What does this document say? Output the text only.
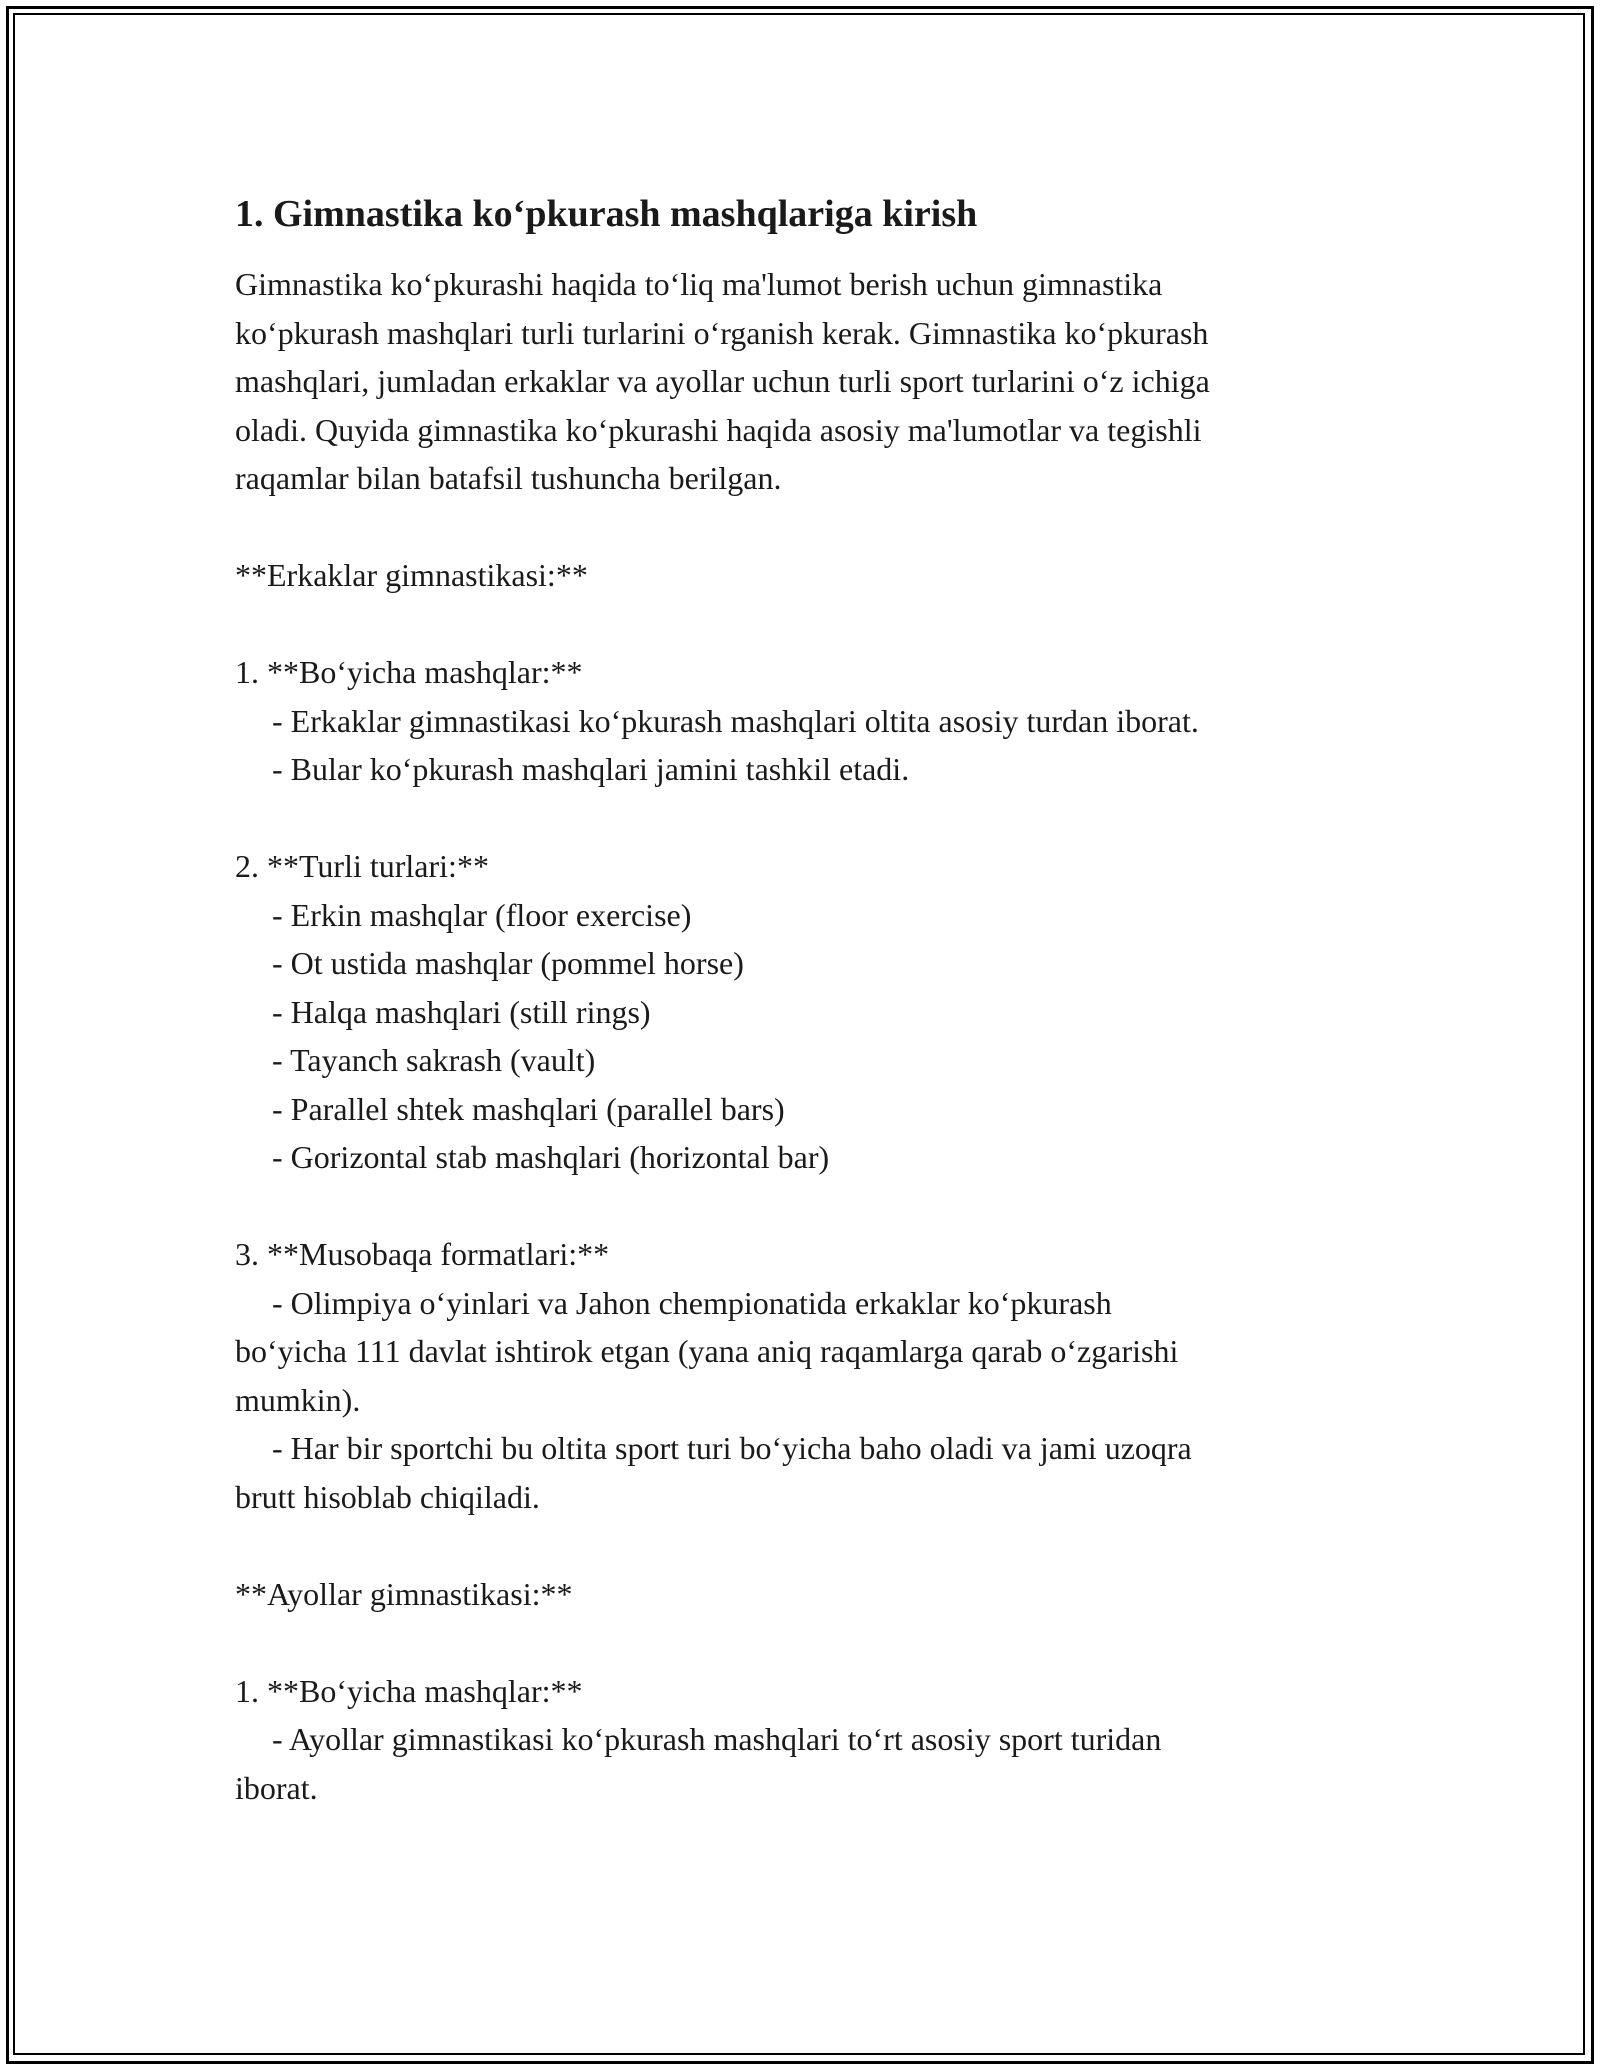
1. Gimnastika ko‘pkurash mashqlariga kirish
Gimnastika ko‘pkurashi haqida to‘liq ma'lumot berish uchun gimnastika
ko‘pkurash mashqlari turli turlarini o‘rganish kerak. Gimnastika ko‘pkurash
mashqlari, jumladan erkaklar va ayollar uchun turli sport turlarini o‘z ichiga
oladi. Quyida gimnastika ko‘pkurashi haqida asosiy ma'lumotlar va tegishli
raqamlar bilan batafsil tushuncha berilgan.
**Erkaklar gimnastikasi:**
1. **Bo‘yicha mashqlar:**
- Erkaklar gimnastikasi ko‘pkurash mashqlari oltita asosiy turdan iborat.
- Bular ko‘pkurash mashqlari jamini tashkil etadi.
2. **Turli turlari:**
- Erkin mashqlar (floor exercise)
- Ot ustida mashqlar (pommel horse)
- Halqa mashqlari (still rings)
- Tayanch sakrash (vault)
- Parallel shtek mashqlari (parallel bars)
- Gorizontal stab mashqlari (horizontal bar)
3. **Musobaqa formatlari:**
- Olimpiya o‘yinlari va Jahon chempionatida erkaklar ko‘pkurash
bo‘yicha 111 davlat ishtirok etgan (yana aniq raqamlarga qarab o‘zgarishi
mumkin).
- Har bir sportchi bu oltita sport turi bo‘yicha baho oladi va jami uzoqra
brutt hisoblab chiqiladi.
**Ayollar gimnastikasi:**
1. **Bo‘yicha mashqlar:**
- Ayollar gimnastikasi ko‘pkurash mashqlari to‘rt asosiy sport turidan
iborat.
